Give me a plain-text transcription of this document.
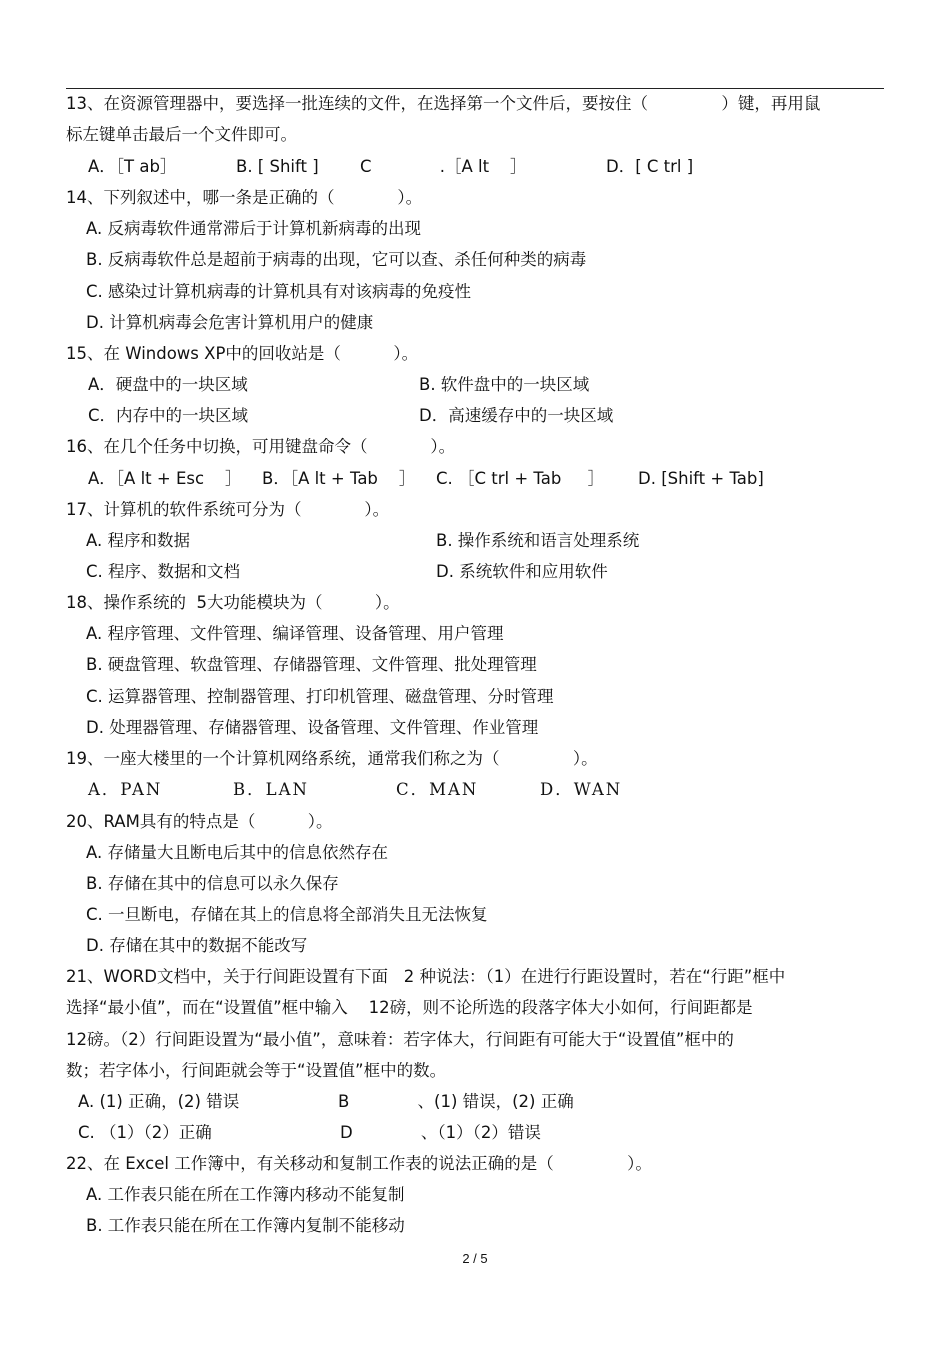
13、在资源管理器中，要选择一批连续的文件，在选择第一个文件后，要按住（              ）键，再用鼠
标左键单击最后一个文件即可。
A．［T ab］	B. [ Shift ]	C             .［A lt    ］	D．[ C trl ]
14、下列叙述中，哪一条是正确的（            ）。
A. 反病毒软件通常滞后于计算机新病毒的出现
B. 反病毒软件总是超前于病毒的出现，它可以查、杀任何种类的病毒
C. 感染过计算机病毒的计算机具有对该病毒的免疫性
D. 计算机病毒会危害计算机用户的健康
15、在 Windows XP中的回收站是（          ）。
A．硬盘中的一块区域	B. 软件盘中的一块区域
C．内存中的一块区域	D．高速缓存中的一块区域
16、在几个任务中切换，可用键盘命令（            ）。
A．［A lt + Esc    ］ B．［A lt + Tab    ］ C. ［C trl + Tab     ］ D. [Shift + Tab]
17、计算机的软件系统可分为（            ）。
A. 程序和数据	B. 操作系统和语言处理系统
C. 程序、数据和文档	D. 系统软件和应用软件
18、操作系统的  5大功能模块为（          ）。
A. 程序管理、文件管理、编译管理、设备管理、用户管理
B. 硬盘管理、软盘管理、存储器管理、文件管理、批处理管理
C. 运算器管理、控制器管理、打印机管理、磁盘管理、分时管理
D. 处理器管理、存储器管理、设备管理、文件管理、作业管理
19、一座大楼里的一个计算机网络系统，通常我们称之为（              ）。
A．PAN	B．LAN	C．MAN	D．WAN
20、RAM具有的特点是（          ）。
A. 存储量大且断电后其中的信息依然存在
B. 存储在其中的信息可以永久保存
C. 一旦断电，存储在其上的信息将全部消失且无法恢复
D. 存储在其中的数据不能改写
21、WORD文档中，关于行间距设置有下面   2 种说法：（1）在进行行距设置时，若在“行距”框中
选择“最小值”，而在“设置值”框中输入    12磅，则不论所选的段落字体大小如何，行间距都是
12磅。（2）行间距设置为“最小值”，意味着：若字体大，行间距有可能大于“设置值”框中的
数；若字体小，行间距就会等于“设置值”框中的数。
A. (1) 正确，(2) 错误	B             、(1) 错误，(2) 正确
C. （1）（2）正确	D             、（1）（2）错误
22、在 Excel 工作簿中，有关移动和复制工作表的说法正确的是（              ）。
A. 工作表只能在所在工作簿内移动不能复制
B. 工作表只能在所在工作簿内复制不能移动
2 / 5
